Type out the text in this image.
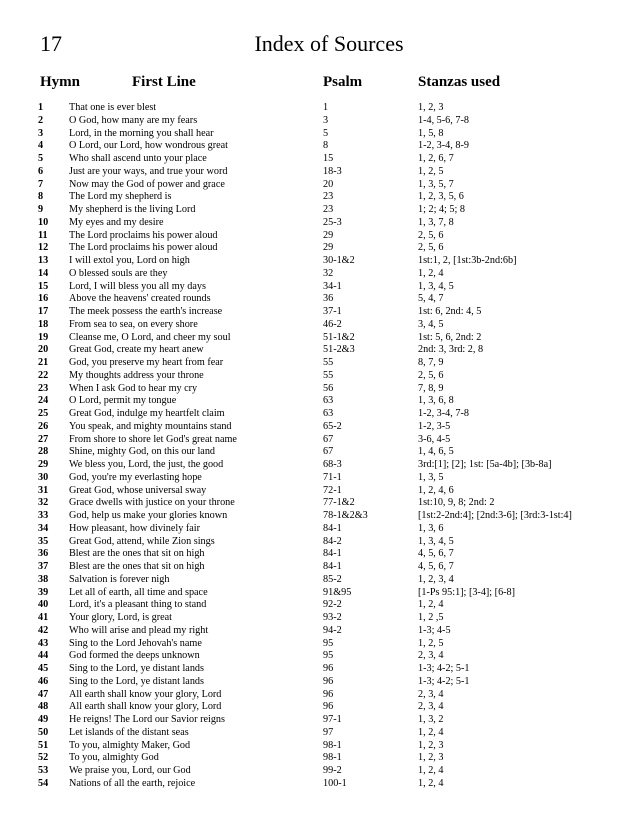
17	Index of Sources
Hymn	First Line	Psalm	Stanzas used
1	That one is ever blest	1	1, 2, 3
2	O God, how many are my fears	3	1-4, 5-6, 7-8
3	Lord, in the morning you shall hear	5	1, 5, 8
4	O Lord, our Lord, how wondrous great	8	1-2, 3-4, 8-9
5	Who shall ascend unto your place	15	1, 2, 6, 7
6	Just are your ways, and true your word	18-3	1, 2, 5
7	Now may the God of power and grace	20	1, 3, 5, 7
8	The Lord my shepherd is	23	1, 2, 3, 5, 6
9	My shepherd is the living Lord	23	1; 2; 4; 5; 8
10 My eyes and my desire	25-3	1, 3, 7, 8
11 The Lord proclaims his power aloud	29	2, 5, 6
12 The Lord proclaims his power aloud	29	2, 5, 6
13 I will extol you, Lord on high	30-1&2	1st:1, 2, [1st:3b-2nd:6b]
14 O blessed souls are they	32	1, 2, 4
15 Lord, I will bless you all my days	34-1	1, 3, 4, 5
16 Above the heavens' created rounds	36	5, 4, 7
17 The meek possess the earth's increase	37-1	1st: 6, 2nd: 4, 5
18 From sea to sea, on every shore	46-2	3, 4, 5
19 Cleanse me, O Lord, and cheer my soul	51-1&2	1st: 5, 6, 2nd: 2
20 Great God, create my heart anew	51-2&3	2nd: 3, 3rd: 2, 8
21 God, you preserve my heart from fear	55	8, 7, 9
22 My thoughts address your throne	55	2, 5, 6
23 When I ask God to hear my cry	56	7, 8, 9
24 O Lord, permit my tongue	63	1, 3, 6, 8
25 Great God, indulge my heartfelt claim	63	1-2, 3-4, 7-8
26 You speak, and mighty mountains stand	65-2	1-2, 3-5
27 From shore to shore let God's great name	67	3-6, 4-5
28 Shine, mighty God, on this our land	67	1, 4, 6, 5
29 We bless you, Lord, the just, the good	68-3	3rd:[1]; [2]; 1st: [5a-4b]; [3b-8a]
30 God, you're my everlasting hope	71-1	1, 3, 5
31 Great God, whose universal sway	72-1	1, 2, 4, 6
32 Grace dwells with justice on your throne	77-1&2	1st:10, 9, 8; 2nd: 2
33 God, help us make your glories known	78-1&2&3	[1st:2-2nd:4]; [2nd:3-6]; [3rd:3-1st:4]
34 How pleasant, how divinely fair	84-1	1, 3, 6
35 Great God, attend, while Zion sings	84-2	1, 3, 4, 5
36 Blest are the ones that sit on high	84-1	4, 5, 6, 7
37 Blest are the ones that sit on high	84-1	4, 5, 6, 7
38 Salvation is forever nigh	85-2	1, 2, 3, 4
39 Let all of earth, all time and space	91&95	[1-Ps 95:1]; [3-4]; [6-8]
40 Lord, it's a pleasant thing to stand	92-2	1, 2, 4
41 Your glory, Lord, is great	93-2	1, 2 ,5
42 Who will arise and plead my right	94-2	1-3; 4-5
43 Sing to the Lord Jehovah's name	95	1, 2, 5
44 God formed the deeps unknown	95	2, 3, 4
45 Sing to the Lord, ye distant lands	96	1-3; 4-2; 5-1
46 Sing to the Lord, ye distant lands	96	1-3; 4-2; 5-1
47 All earth shall know your glory, Lord	96	2, 3, 4
48 All earth shall know your glory, Lord	96	2, 3, 4
49 He reigns! The Lord our Savior reigns	97-1	1, 3, 2
50 Let islands of the distant seas	97	1, 2, 4
51 To you, almighty Maker, God	98-1	1, 2, 3
52 To you, almighty God	98-1	1, 2, 3
53 We praise you, Lord, our God	99-2	1, 2, 4
54 Nations of all the earth, rejoice	100-1	1, 2, 4
